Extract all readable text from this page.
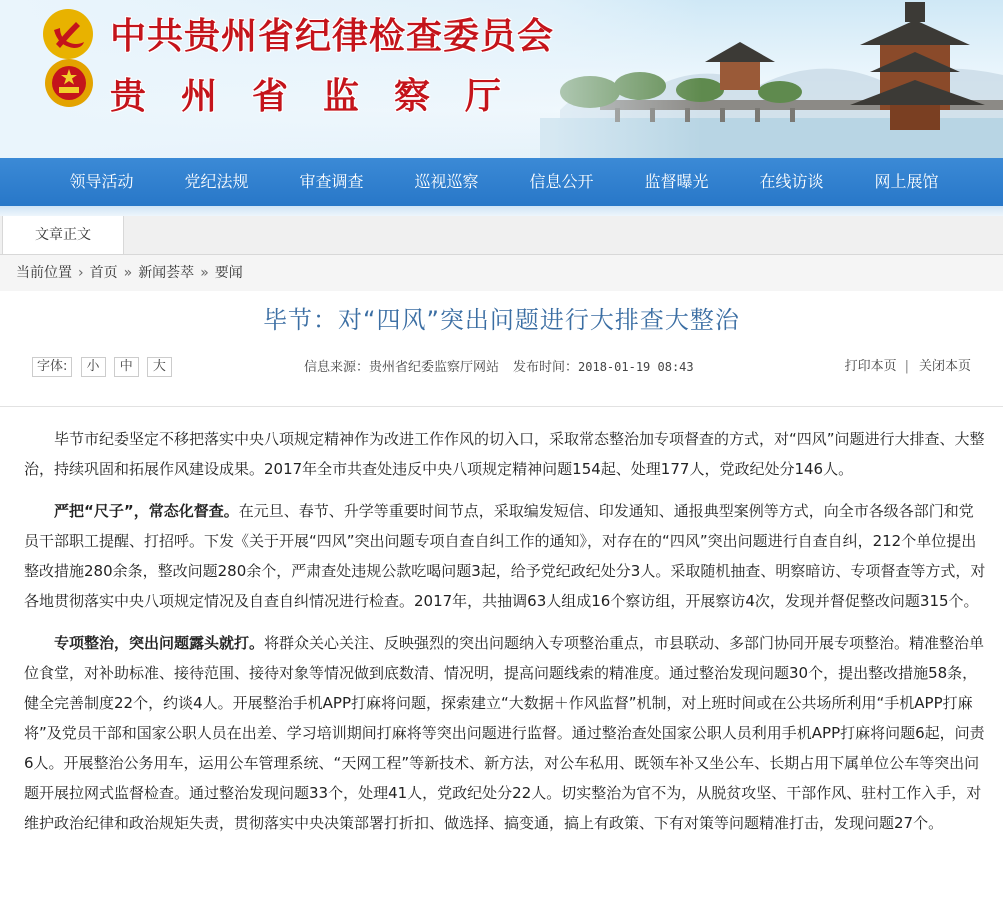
中共贵州省纪律检查委员会
贵州省监察厅
领导活动	党纪法规	审查调查	巡视巡察	信息公开	监督曝光	在线访谈	网上展馆
文章正文
当前位置 › 首页 » 新闻荟萃 » 要闻
毕节：对“四风”突出问题进行大排查大整治
字体: 小 中 大	信息来源：贵州省纪委监察厅网站 发布时间：2018-01-19 08:43	打印本页 | 关闭本页

毕节市纪委坚定不移把落实中央八项规定精神作为改进工作作风的切入口，采取常态整治加专项督查的方式，对“四风”问题进行大排查、大整治，持续巩固和拓展作风建设成果。2017年全市共查处违反中央八项规定精神问题154起、处理177人，党政纪处分146人。

严把“尺子”，常态化督查。在元旦、春节、升学等重要时间节点，采取编发短信、印发通知、通报典型案例等方式，向全市各级各部门和党员干部职工提醒、打招呼。下发《关于开展“四风”突出问题专项自查自纠工作的通知》，对存在的“四风”突出问题进行自查自纠，212个单位提出整改措施280余条，整改问题280余个，严肃查处违规公款吃喝问题3起，给予党纪政纪处分3人。采取随机抽查、明察暗访、专项督查等方式，对各地贯彻落实中央八项规定情况及自查自纠情况进行检查。2017年，共抽调63人组成16个察访组，开展察访4次，发现并督促整改问题315个。

专项整治，突出问题露头就打。将群众关心关注、反映强烈的突出问题纳入专项整治重点，市县联动、多部门协同开展专项整治。精准整治单位食堂，对补助标准、接待范围、接待对象等情况做到底数清、情况明，提高问题线索的精准度。通过整治发现问题30个，提出整改措施58条，健全完善制度22个，约谈4人。开展整治手机APP打麻将问题，探索建立“大数据＋作风监督”机制，对上班时间或在公共场所利用“手机APP打麻将”及党员干部和国家公职人员在出差、学习培训期间打麻将等突出问题进行监督。通过整治查处国家公职人员利用手机APP打麻将问题6起，问责6人。开展整治公务用车，运用公车管理系统、“天网工程”等新技术、新方法，对公车私用、既领车补又坐公车、长期占用下属单位公车等突出问题开展拉网式监督检查。通过整治发现问题33个，处理41人，党政纪处分22人。切实整治为官不为，从脱贫攻坚、干部作风、驻村工作入手，对维护政治纪律和政治规矩失责，贯彻落实中央决策部署打折扣、做选择、搞变通，搞上有政策、下有对策等问题精准打击，发现问题27个。
